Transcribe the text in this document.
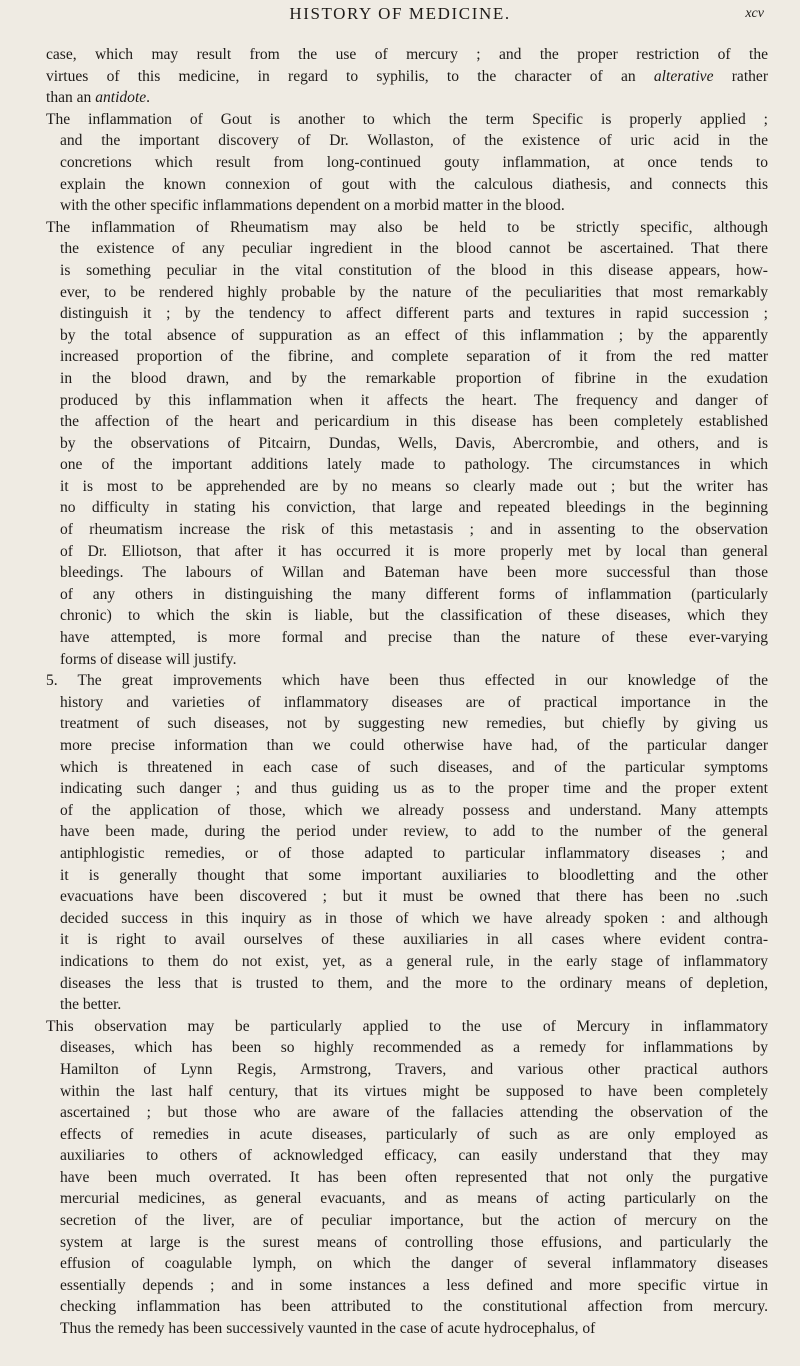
HISTORY OF MEDICINE.	xcv

case, which may result from the use of mercury ; and the proper restriction of the
virtues of this medicine, in regard to syphilis, to the character of an alterative rather
than an antidote.

The inflammation of Gout is another to which the term Specific is properly applied ;
and the important discovery of Dr. Wollaston, of the existence of uric acid in the
concretions which result from long-continued gouty inflammation, at once tends to
explain the known connexion of gout with the calculous diathesis, and connects this
with the other specific inflammations dependent on a morbid matter in the blood.

The inflammation of Rheumatism may also be held to be strictly specific, although
the existence of any peculiar ingredient in the blood cannot be ascertained. That there
is something peculiar in the vital constitution of the blood in this disease appears, how-
ever, to be rendered highly probable by the nature of the peculiarities that most remarkably
distinguish it ; by the tendency to affect different parts and textures in rapid succession ;
by the total absence of suppuration as an effect of this inflammation ; by the apparently
increased proportion of the fibrine, and complete separation of it from the red matter
in the blood drawn, and by the remarkable proportion of fibrine in the exudation
produced by this inflammation when it affects the heart. The frequency and danger of
the affection of the heart and pericardium in this disease has been completely established
by the observations of Pitcairn, Dundas, Wells, Davis, Abercrombie, and others, and is
one of the important additions lately made to pathology. The circumstances in which
it is most to be apprehended are by no means so clearly made out ; but the writer has
no difficulty in stating his conviction, that large and repeated bleedings in the beginning
of rheumatism increase the risk of this metastasis ; and in assenting to the observation
of Dr. Elliotson, that after it has occurred it is more properly met by local than general
bleedings. The labours of Willan and Bateman have been more successful than those
of any others in distinguishing the many different forms of inflammation (particularly
chronic) to which the skin is liable, but the classification of these diseases, which they
have attempted, is more formal and precise than the nature of these ever-varying
forms of disease will justify.

5. The great improvements which have been thus effected in our knowledge of the
history and varieties of inflammatory diseases are of practical importance in the
treatment of such diseases, not by suggesting new remedies, but chiefly by giving us
more precise information than we could otherwise have had, of the particular danger
which is threatened in each case of such diseases, and of the particular symptoms
indicating such danger ; and thus guiding us as to the proper time and the proper extent
of the application of those, which we already possess and understand. Many attempts
have been made, during the period under review, to add to the number of the general
antiphlogistic remedies, or of those adapted to particular inflammatory diseases ; and
it is generally thought that some important auxiliaries to bloodletting and the other
evacuations have been discovered ; but it must be owned that there has been no .such
decided success in this inquiry as in those of which we have already spoken : and although
it is right to avail ourselves of these auxiliaries in all cases where evident contra-
indications to them do not exist, yet, as a general rule, in the early stage of inflammatory
diseases the less that is trusted to them, and the more to the ordinary means of depletion,
the better.

This observation may be particularly applied to the use of Mercury in inflammatory
diseases, which has been so highly recommended as a remedy for inflammations by
Hamilton of Lynn Regis, Armstrong, Travers, and various other practical authors
within the last half century, that its virtues might be supposed to have been completely
ascertained ; but those who are aware of the fallacies attending the observation of the
effects of remedies in acute diseases, particularly of such as are only employed as
auxiliaries to others of acknowledged efficacy, can easily understand that they may
have been much overrated. It has been often represented that not only the purgative
mercurial medicines, as general evacuants, and as means of acting particularly on the
secretion of the liver, are of peculiar importance, but the action of mercury on the
system at large is the surest means of controlling those effusions, and particularly the
effusion of coagulable lymph, on which the danger of several inflammatory diseases
essentially depends ; and in some instances a less defined and more specific virtue in
checking inflammation has been attributed to the constitutional affection from mercury.
Thus the remedy has been successively vaunted in the case of acute hydrocephalus, of
